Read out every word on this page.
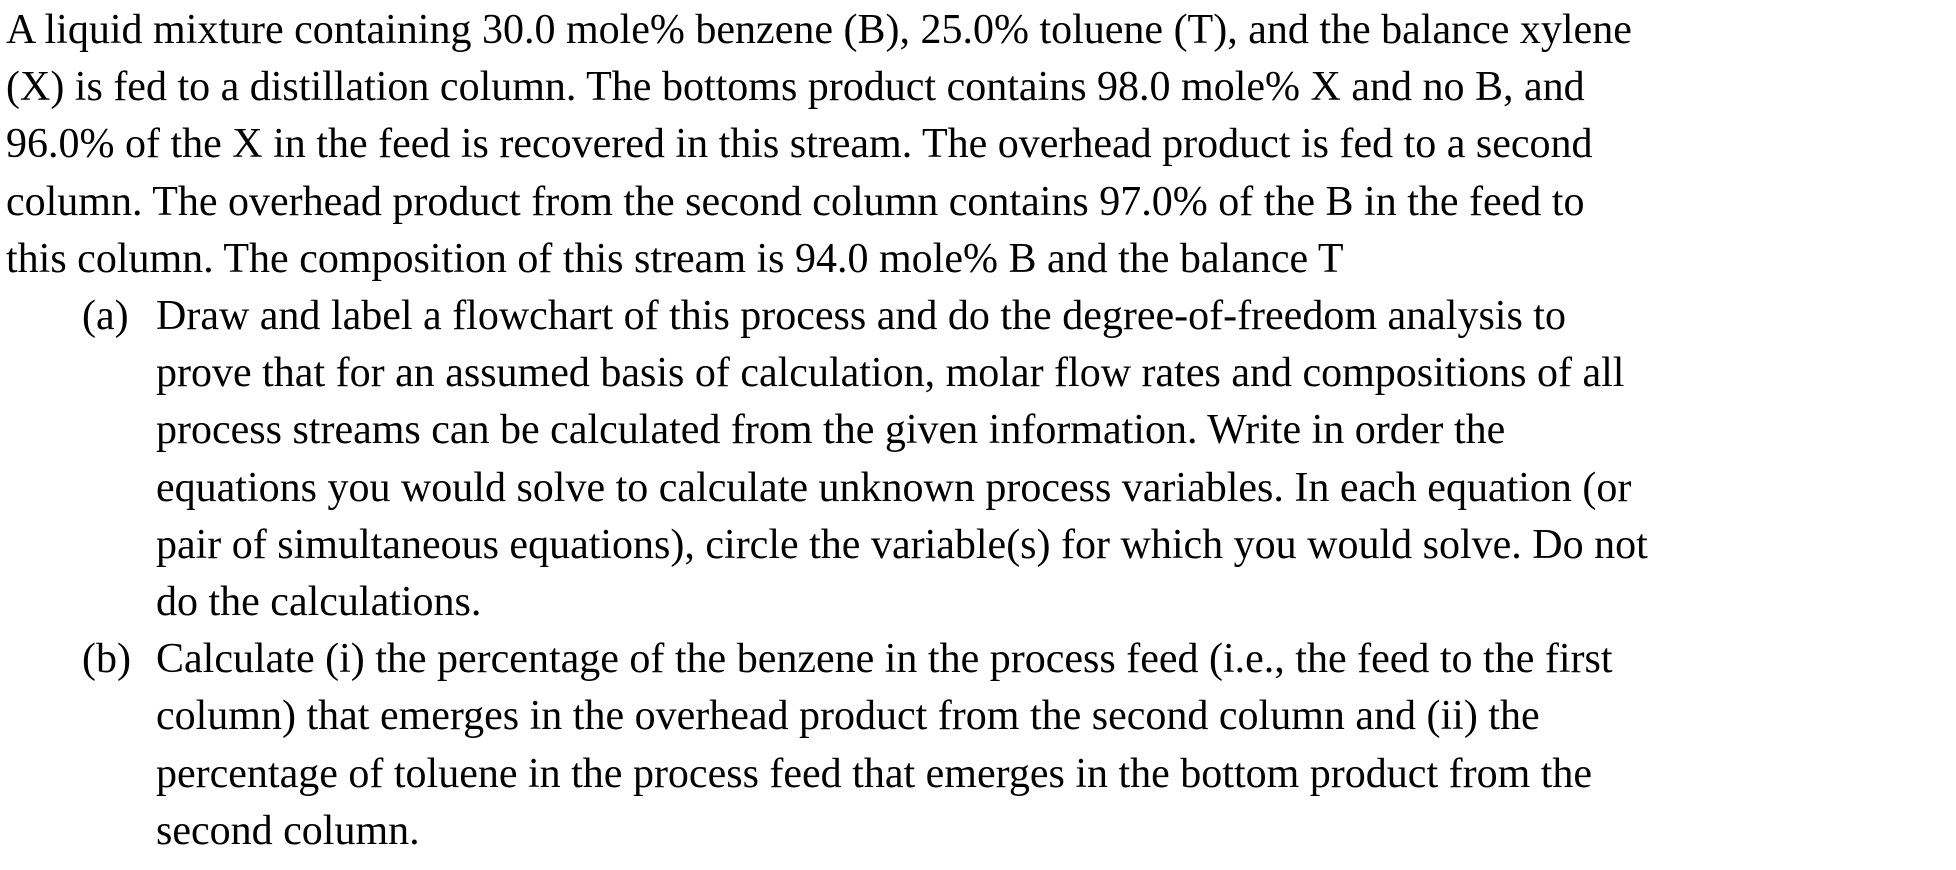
A liquid mixture containing 30.0 mole% benzene (B), 25.0% toluene (T), and the balance xylene
(X) is fed to a distillation column. The bottoms product contains 98.0 mole% X and no B, and
96.0% of the X in the feed is recovered in this stream. The overhead product is fed to a second
column. The overhead product from the second column contains 97.0% of the B in the feed to
this column. The composition of this stream is 94.0 mole% B and the balance T

(a) Draw and label a flowchart of this process and do the degree-of-freedom analysis to
prove that for an assumed basis of calculation, molar flow rates and compositions of all
process streams can be calculated from the given information. Write in order the
equations you would solve to calculate unknown process variables. In each equation (or
pair of simultaneous equations), circle the variable(s) for which you would solve. Do not
do the calculations.
(b) Calculate (i) the percentage of the benzene in the process feed (i.e., the feed to the first
column) that emerges in the overhead product from the second column and (ii) the
percentage of toluene in the process feed that emerges in the bottom product from the
second column.
